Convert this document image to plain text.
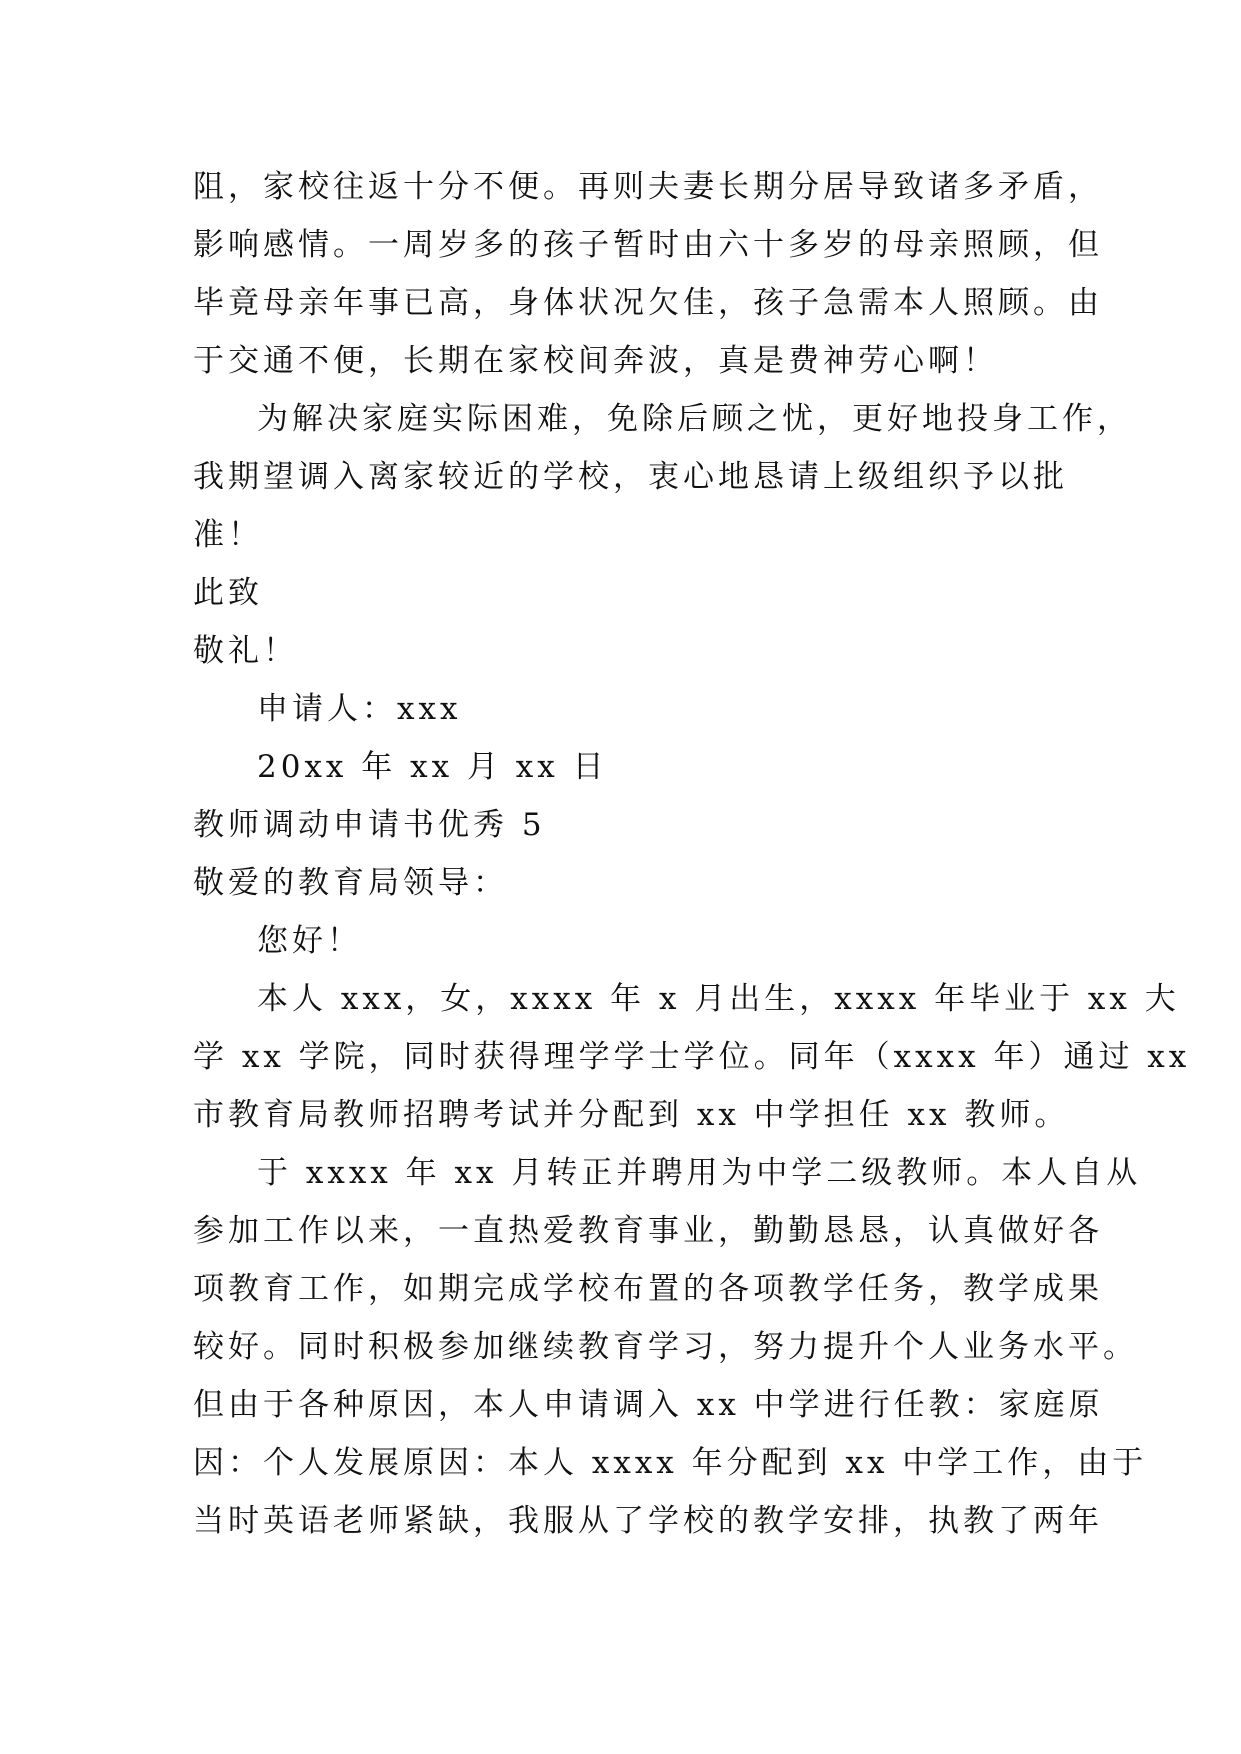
阻，家校往返十分不便。再则夫妻长期分居导致诸多矛盾，
影响感情。一周岁多的孩子暂时由六十多岁的母亲照顾，但
毕竟母亲年事已高，身体状况欠佳，孩子急需本人照顾。由
于交通不便，长期在家校间奔波，真是费神劳心啊！
为解决家庭实际困难，免除后顾之忧，更好地投身工作，
我期望调入离家较近的学校，衷心地恳请上级组织予以批
准！
此致
敬礼！
申请人：xxx
20xx 年 xx 月 xx 日
教师调动申请书优秀 5
敬爱的教育局领导：
您好！
本人 xxx，女，xxxx 年 x 月出生，xxxx 年毕业于 xx 大
学 xx 学院，同时获得理学学士学位。同年（xxxx 年）通过 xx
市教育局教师招聘考试并分配到 xx 中学担任 xx 教师。
于 xxxx 年 xx 月转正并聘用为中学二级教师。本人自从
参加工作以来，一直热爱教育事业，勤勤恳恳，认真做好各
项教育工作，如期完成学校布置的各项教学任务，教学成果
较好。同时积极参加继续教育学习，努力提升个人业务水平。
但由于各种原因，本人申请调入 xx 中学进行任教：家庭原
因：个人发展原因：本人 xxxx 年分配到 xx 中学工作，由于
当时英语老师紧缺，我服从了学校的教学安排，执教了两年
